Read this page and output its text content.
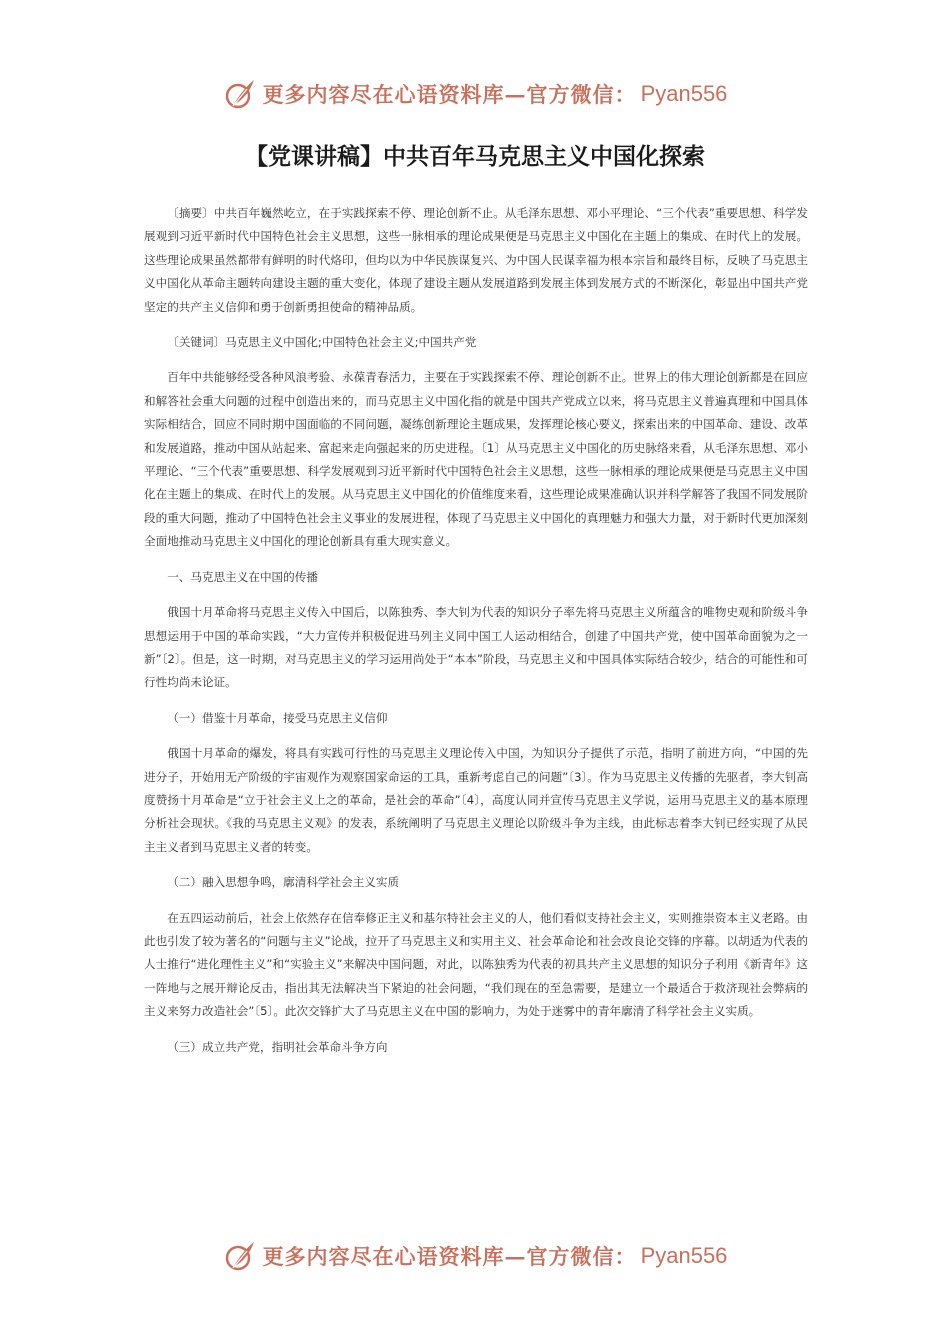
更多内容尽在心语资料库—官方微信： Pyan556
【党课讲稿】中共百年马克思主义中国化探索

〔摘要〕中共百年巍然屹立，在于实践探索不停、理论创新不止。从毛泽东思想、邓小平理论、“三个代表”重要思想、科学发展观到习近平新时代中国特色社会主义思想，这些一脉相承的理论成果便是马克思主义中国化在主题上的集成、在时代上的发展。这些理论成果虽然都带有鲜明的时代烙印，但均以为中华民族谋复兴、为中国人民谋幸福为根本宗旨和最终目标，反映了马克思主义中国化从革命主题转向建设主题的重大变化，体现了建设主题从发展道路到发展主体到发展方式的不断深化，彰显出中国共产党坚定的共产主义信仰和勇于创新勇担使命的精神品质。

〔关键词〕马克思主义中国化;中国特色社会主义;中国共产党

百年中共能够经受各种风浪考验、永葆青春活力，主要在于实践探索不停、理论创新不止。世界上的伟大理论创新都是在回应和解答社会重大问题的过程中创造出来的，而马克思主义中国化指的就是中国共产党成立以来，将马克思主义普遍真理和中国具体实际相结合，回应不同时期中国面临的不同问题，凝练创新理论主题成果，发挥理论核心要义，探索出来的中国革命、建设、改革和发展道路，推动中国从站起来、富起来走向强起来的历史进程。〔1〕从马克思主义中国化的历史脉络来看，从毛泽东思想、邓小平理论、“三个代表”重要思想、科学发展观到习近平新时代中国特色社会主义思想，这些一脉相承的理论成果便是马克思主义中国化在主题上的集成、在时代上的发展。从马克思主义中国化的价值维度来看，这些理论成果准确认识并科学解答了我国不同发展阶段的重大问题，推动了中国特色社会主义事业的发展进程，体现了马克思主义中国化的真理魅力和强大力量，对于新时代更加深刻全面地推动马克思主义中国化的理论创新具有重大现实意义。

一、马克思主义在中国的传播

俄国十月革命将马克思主义传入中国后，以陈独秀、李大钊为代表的知识分子率先将马克思主义所蕴含的唯物史观和阶级斗争思想运用于中国的革命实践，“大力宣传并积极促进马列主义同中国工人运动相结合，创建了中国共产党，使中国革命面貌为之一新”〔2〕。但是，这一时期，对马克思主义的学习运用尚处于“本本”阶段，马克思主义和中国具体实际结合较少，结合的可能性和可行性均尚未论证。

（一）借鉴十月革命，接受马克思主义信仰

俄国十月革命的爆发，将具有实践可行性的马克思主义理论传入中国，为知识分子提供了示范，指明了前进方向，“中国的先进分子，开始用无产阶级的宇宙观作为观察国家命运的工具，重新考虑自己的问题”〔3〕。作为马克思主义传播的先驱者，李大钊高度赞扬十月革命是“立于社会主义上之的革命，是社会的革命”〔4〕，高度认同并宣传马克思主义学说，运用马克思主义的基本原理分析社会现状。《我的马克思主义观》的发表，系统阐明了马克思主义理论以阶级斗争为主线，由此标志着李大钊已经实现了从民主主义者到马克思主义者的转变。

（二）融入思想争鸣，廓清科学社会主义实质

在五四运动前后，社会上依然存在信奉修正主义和基尔特社会主义的人，他们看似支持社会主义，实则推崇资本主义老路。由此也引发了较为著名的“问题与主义”论战，拉开了马克思主义和实用主义、社会革命论和社会改良论交锋的序幕。以胡适为代表的人士推行“进化理性主义”和“实验主义”来解决中国问题，对此，以陈独秀为代表的初具共产主义思想的知识分子利用《新青年》这一阵地与之展开辩论反击，指出其无法解决当下紧迫的社会问题，“我们现在的至急需要，是建立一个最适合于救济现社会弊病的主义来努力改造社会”〔5〕。此次交锋扩大了马克思主义在中国的影响力，为处于迷雾中的青年廓清了科学社会主义实质。

（三）成立共产党，指明社会革命斗争方向

更多内容尽在心语资料库—官方微信： Pyan556
